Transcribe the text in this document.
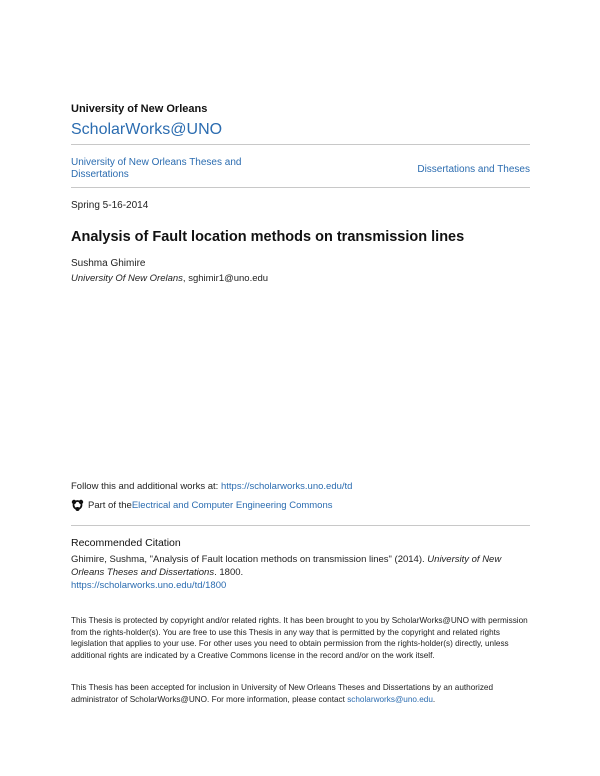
University of New Orleans
ScholarWorks@UNO
University of New Orleans Theses and Dissertations	Dissertations and Theses
Spring 5-16-2014
Analysis of Fault location methods on transmission lines
Sushma Ghimire
University Of New Orelans, sghimir1@uno.edu
Follow this and additional works at: https://scholarworks.uno.edu/td
Part of the Electrical and Computer Engineering Commons
Recommended Citation
Ghimire, Sushma, "Analysis of Fault location methods on transmission lines" (2014). University of New Orleans Theses and Dissertations. 1800.
https://scholarworks.uno.edu/td/1800
This Thesis is protected by copyright and/or related rights. It has been brought to you by ScholarWorks@UNO with permission from the rights-holder(s). You are free to use this Thesis in any way that is permitted by the copyright and related rights legislation that applies to your use. For other uses you need to obtain permission from the rights-holder(s) directly, unless additional rights are indicated by a Creative Commons license in the record and/or on the work itself.
This Thesis has been accepted for inclusion in University of New Orleans Theses and Dissertations by an authorized administrator of ScholarWorks@UNO. For more information, please contact scholarworks@uno.edu.
